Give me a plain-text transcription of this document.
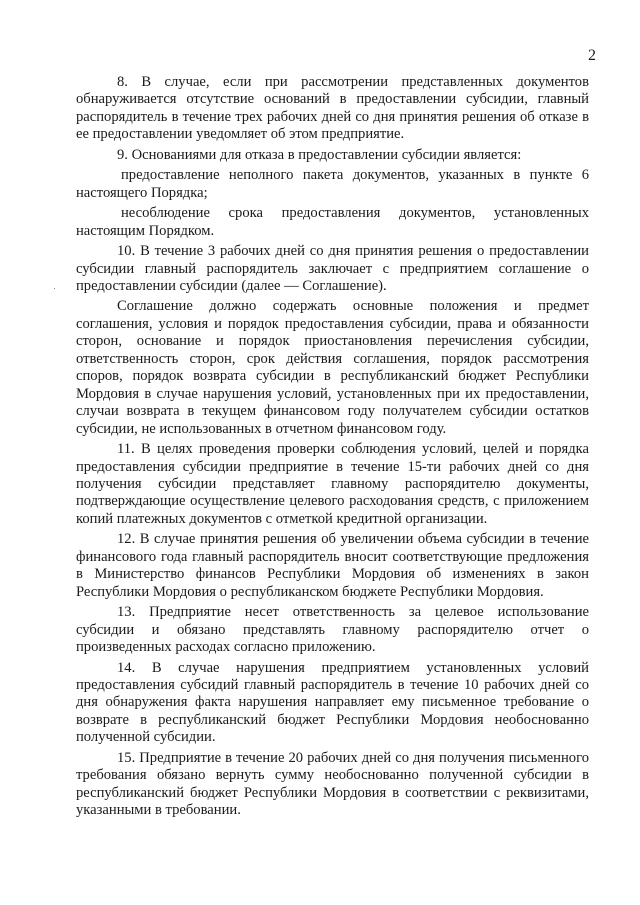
2

8. В случае, если при рассмотрении представленных документов обнаруживается отсутствие оснований в предоставлении субсидии, главный распорядитель в течение трех рабочих дней со дня принятия решения об отказе в ее предоставлении уведомляет об этом предприятие.

9. Основаниями для отказа в предоставлении субсидии является:

предоставление неполного пакета документов, указанных в пункте 6 настоящего Порядка;

несоблюдение срока предоставления документов, установленных настоящим Порядком.

10. В течение 3 рабочих дней со дня принятия решения о предоставлении субсидии главный распорядитель заключает с предприятием соглашение о предоставлении субсидии (далее — Соглашение).

Соглашение должно содержать основные положения и предмет соглашения, условия и порядок предоставления субсидии, права и обязанности сторон, основание и порядок приостановления перечисления субсидии, ответственность сторон, срок действия соглашения, порядок рассмотрения споров, порядок возврата субсидии в республиканский бюджет Республики Мордовия в случае нарушения условий, установленных при их предоставлении, случаи возврата в текущем финансовом году получателем субсидии остатков субсидии, не использованных в отчетном финансовом году.

11. В целях проведения проверки соблюдения условий, целей и порядка предоставления субсидии предприятие в течение 15-ти рабочих дней со дня получения субсидии представляет главному распорядителю документы, подтверждающие осуществление целевого расходования средств, с приложением копий платежных документов с отметкой кредитной организации.

12. В случае принятия решения об увеличении объема субсидии в течение финансового года главный распорядитель вносит соответствующие предложения в Министерство финансов Республики Мордовия об изменениях в закон Республики Мордовия о республиканском бюджете Республики Мордовия.

13. Предприятие несет ответственность за целевое использование субсидии и обязано представлять главному распорядителю отчет о произведенных расходах согласно приложению.

14. В случае нарушения предприятием установленных условий предоставления субсидий главный распорядитель в течение 10 рабочих дней со дня обнаружения факта нарушения направляет ему письменное требование о возврате в республиканский бюджет Республики Мордовия необоснованно полученной субсидии.

15. Предприятие в течение 20 рабочих дней со дня получения письменного требования обязано вернуть сумму необоснованно полученной субсидии в республиканский бюджет Республики Мордовия в соответствии с реквизитами, указанными в требовании.
